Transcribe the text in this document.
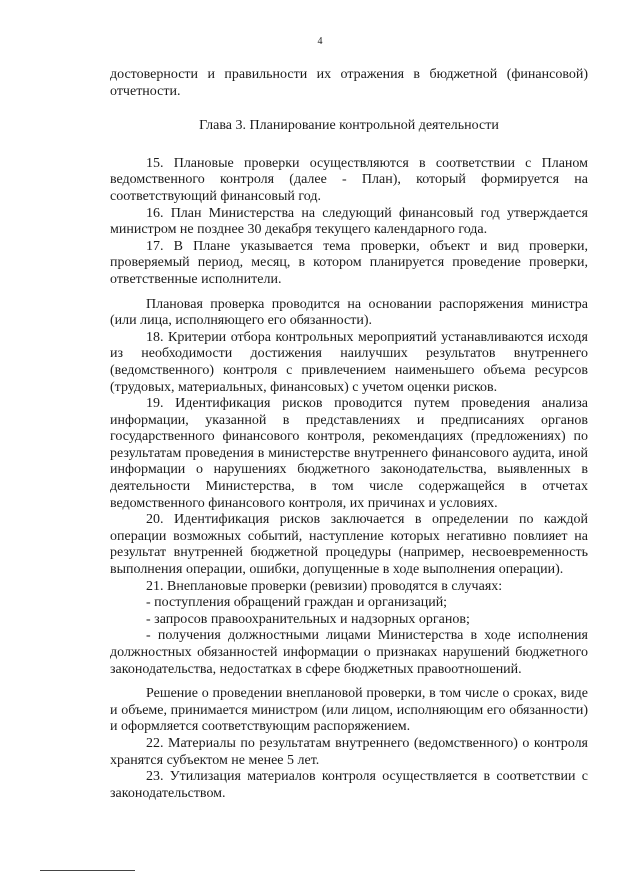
4

достоверности и правильности их отражения в бюджетной (финансовой) отчетности.

Глава 3. Планирование контрольной деятельности

15. Плановые проверки осуществляются в соответствии с Планом ведомственного контроля (далее - План), который формируется на соответствующий финансовый год.

16. План Министерства на следующий финансовый год утверждается министром не позднее 30 декабря текущего календарного года.

17. В Плане указывается тема проверки, объект и вид проверки, проверяемый период, месяц, в котором планируется проведение проверки, ответственные исполнители.

Плановая проверка проводится на основании распоряжения министра (или лица, исполняющего его обязанности).

18. Критерии отбора контрольных мероприятий устанавливаются исходя из необходимости достижения наилучших результатов внутреннего (ведомственного) контроля с привлечением наименьшего объема ресурсов (трудовых, материальных, финансовых) с учетом оценки рисков.

19. Идентификация рисков проводится путем проведения анализа информации, указанной в представлениях и предписаниях органов государственного финансового контроля, рекомендациях (предложениях) по результатам проведения в министерстве внутреннего финансового аудита, иной информации о нарушениях бюджетного законодательства, выявленных в деятельности Министерства, в том числе содержащейся в отчетах ведомственного финансового контроля, их причинах и условиях.

20. Идентификация рисков заключается в определении по каждой операции возможных событий, наступление которых негативно повлияет на результат внутренней бюджетной процедуры (например, несвоевременность выполнения операции, ошибки, допущенные в ходе выполнения операции).

21. Внеплановые проверки (ревизии) проводятся в случаях:

- поступления обращений граждан и организаций;

- запросов правоохранительных и надзорных органов;

- получения должностными лицами Министерства в ходе исполнения должностных обязанностей информации о признаках нарушений бюджетного законодательства, недостатках в сфере бюджетных правоотношений.

Решение о проведении внеплановой проверки, в том числе о сроках, виде и объеме, принимается министром (или лицом, исполняющим его обязанности) и оформляется соответствующим распоряжением.

22. Материалы по результатам внутреннего (ведомственного) о контроля хранятся субъектом не менее 5 лет.

23. Утилизация материалов контроля осуществляется в соответствии с законодательством.
